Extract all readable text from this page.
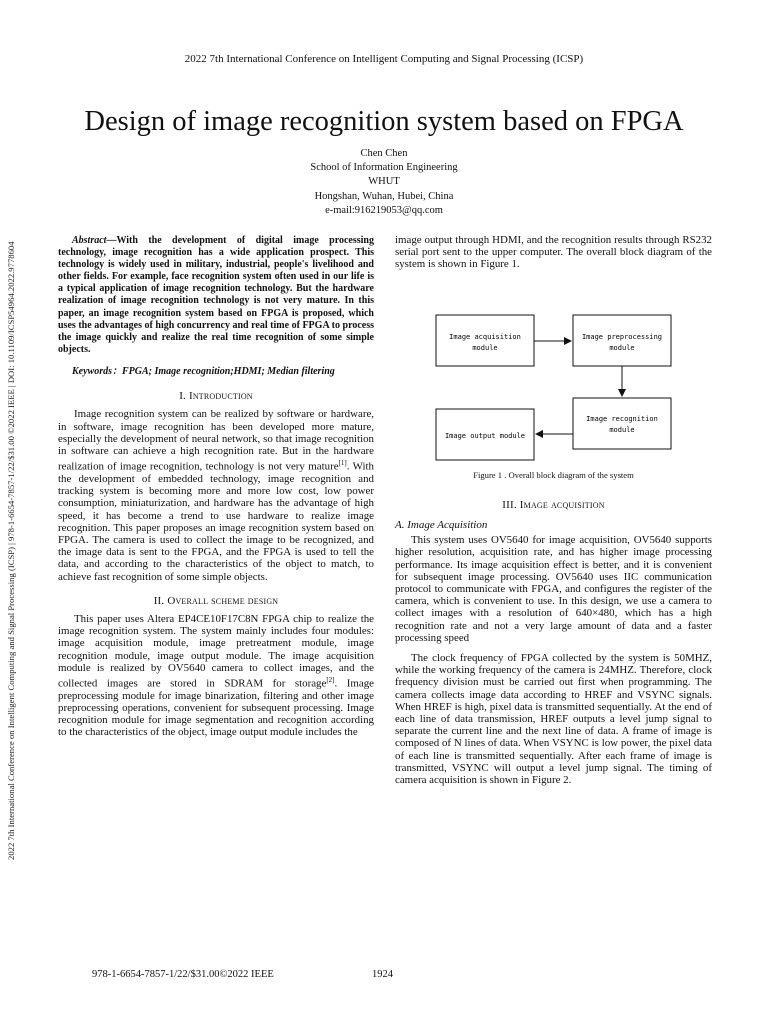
2022 7th International Conference on Intelligent Computing and Signal Processing (ICSP) | 978-1-6654-7857-1/22/$31.00 ©2022 IEEE | DOI: 10.1109/ICSP54964.2022.9778604
2022 7th International Conference on Intelligent Computing and Signal Processing (ICSP)
Design of image recognition system based on FPGA
Chen Chen
School of Information Engineering
WHUT
Hongshan, Wuhan, Hubei, China
e-mail:916219053@qq.com

Abstract—With the development of digital image processing technology, image recognition has a wide application prospect. This technology is widely used in military, industrial, people's livelihood and other fields. For example, face recognition system often used in our life is a typical application of image recognition technology. But the hardware realization of image recognition technology is not very mature. In this paper, an image recognition system based on FPGA is proposed, which uses the advantages of high concurrency and real time of FPGA to process the image quickly and realize the real time recognition of some simple objects.

Keywords：FPGA; Image recognition;HDMI; Median filtering

I. Introduction

Image recognition system can be realized by software or hardware, in software, image recognition has been developed more mature, especially the development of neural network, so that image recognition in software can achieve a high recognition rate. But in the hardware realization of image recognition, technology is not very mature[1]. With the development of embedded technology, image recognition and tracking system is becoming more and more low cost, low power consumption, miniaturization, and hardware has the advantage of high speed, it has become a trend to use hardware to realize image recognition. This paper proposes an image recognition system based on FPGA. The camera is used to collect the image to be recognized, and the image data is sent to the FPGA, and the FPGA is used to tell the data, and according to the characteristics of the object to match, to achieve fast recognition of some simple objects.

II. Overall scheme design

This paper uses Altera EP4CE10F17C8N FPGA chip to realize the image recognition system. The system mainly includes four modules: image acquisition module, image pretreatment module, image recognition module, image output module. The image acquisition module is realized by OV5640 camera to collect images, and the collected images are stored in SDRAM for storage[2]. Image preprocessing module for image binarization, filtering and other image preprocessing operations, convenient for subsequent processing. Image recognition module for image segmentation and recognition according to the characteristics of the object, image output module includes the

image output through HDMI, and the recognition results through RS232 serial port sent to the upper computer. The overall block diagram of the system is shown in Figure 1.

Image acquisition
module
Image preprocessing
module
Image recognition
module
Image output module
Figure 1 . Overall block diagram of the system
III. Image acquisition
A. Image Acquisition

This system uses OV5640 for image acquisition, OV5640 supports higher resolution, acquisition rate, and has higher image processing performance. Its image acquisition effect is better, and it is convenient for subsequent image processing. OV5640 uses IIC communication protocol to communicate with FPGA, and configures the register of the camera, which is convenient to use. In this design, we use a camera to collect images with a resolution of 640×480, which has a high recognition rate and not a very large amount of data and a faster processing speed

The clock frequency of FPGA collected by the system is 50MHZ, while the working frequency of the camera is 24MHZ. Therefore, clock frequency division must be carried out first when programming. The camera collects image data according to HREF and VSYNC signals. When HREF is high, pixel data is transmitted sequentially. At the end of each line of data transmission, HREF outputs a level jump signal to separate the current line and the next line of data. A frame of image is composed of N lines of data. When VSYNC is low power, the pixel data of each line is transmitted sequentially. After each frame of image is transmitted, VSYNC will output a level jump signal. The timing of camera acquisition is shown in Figure 2.

978-1-6654-7857-1/22/$31.00©2022 IEEE	1924
